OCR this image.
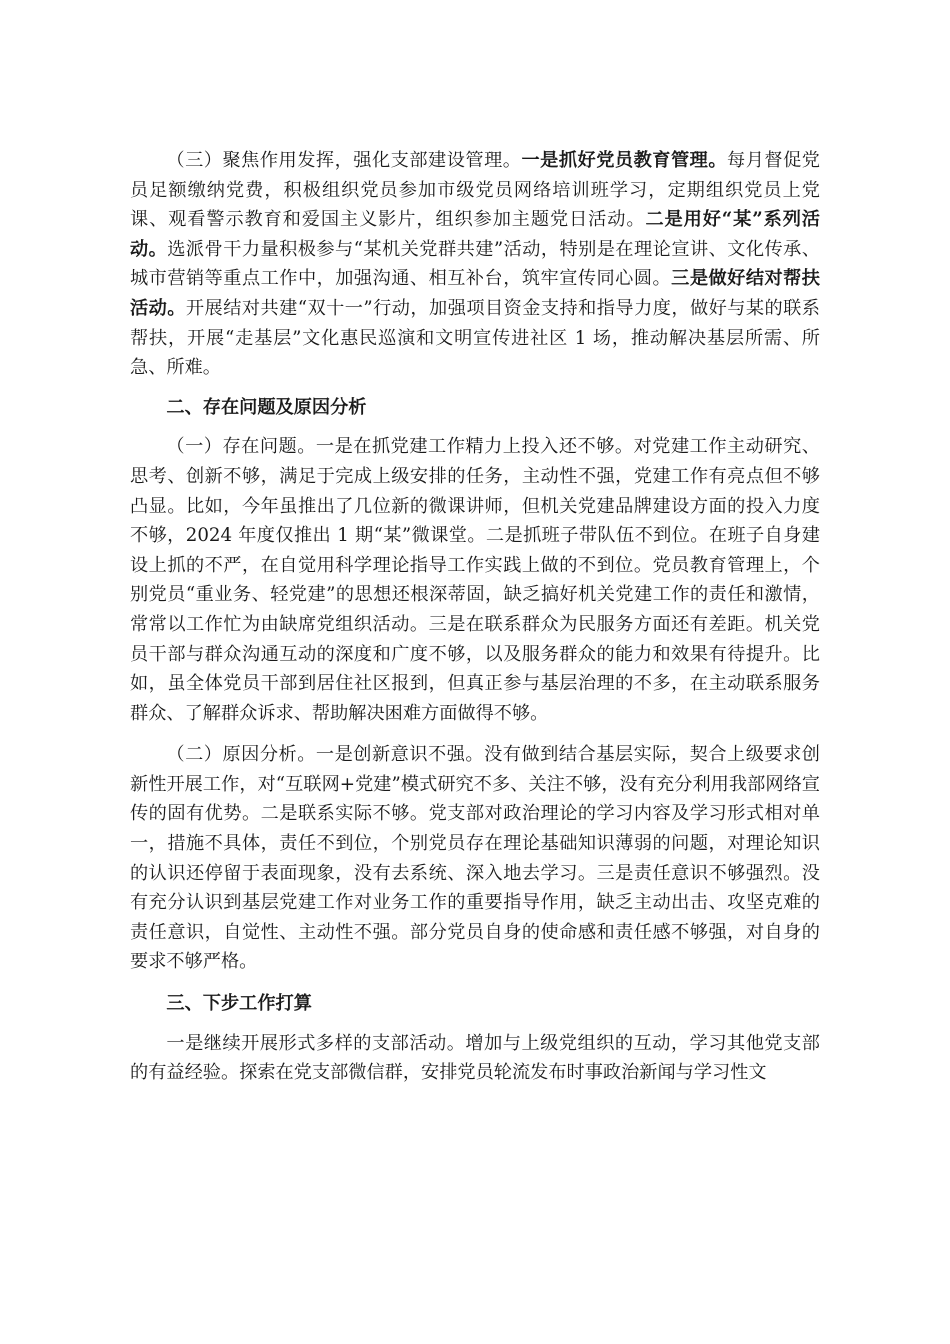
（三）聚焦作用发挥，强化支部建设管理。一是抓好党员教育管理。每月督促党员足额缴纳党费，积极组织党员参加市级党员网络培训班学习，定期组织党员上党课、观看警示教育和爱国主义影片，组织参加主题党日活动。二是用好“某”系列活动。选派骨干力量积极参与“某机关党群共建”活动，特别是在理论宣讲、文化传承、城市营销等重点工作中，加强沟通、相互补台，筑牢宣传同心圆。三是做好结对帮扶活动。开展结对共建“双十一”行动，加强项目资金支持和指导力度，做好与某的联系帮扶，开展“走基层”文化惠民巡演和文明宣传进社区 1 场，推动解决基层所需、所急、所难。

二、存在问题及原因分析

（一）存在问题。一是在抓党建工作精力上投入还不够。对党建工作主动研究、思考、创新不够，满足于完成上级安排的任务，主动性不强，党建工作有亮点但不够凸显。比如，今年虽推出了几位新的微课讲师，但机关党建品牌建设方面的投入力度不够，2024 年度仅推出 1 期“某”微课堂。二是抓班子带队伍不到位。在班子自身建设上抓的不严，在自觉用科学理论指导工作实践上做的不到位。党员教育管理上，个别党员“重业务、轻党建”的思想还根深蒂固，缺乏搞好机关党建工作的责任和激情，常常以工作忙为由缺席党组织活动。三是在联系群众为民服务方面还有差距。机关党员干部与群众沟通互动的深度和广度不够，以及服务群众的能力和效果有待提升。比如，虽全体党员干部到居住社区报到，但真正参与基层治理的不多，在主动联系服务群众、了解群众诉求、帮助解决困难方面做得不够。

（二）原因分析。一是创新意识不强。没有做到结合基层实际，契合上级要求创新性开展工作，对“互联网+党建”模式研究不多、关注不够，没有充分利用我部网络宣传的固有优势。二是联系实际不够。党支部对政治理论的学习内容及学习形式相对单一，措施不具体，责任不到位，个别党员存在理论基础知识薄弱的问题，对理论知识的认识还停留于表面现象，没有去系统、深入地去学习。三是责任意识不够强烈。没有充分认识到基层党建工作对业务工作的重要指导作用，缺乏主动出击、攻坚克难的责任意识，自觉性、主动性不强。部分党员自身的使命感和责任感不够强，对自身的要求不够严格。

三、下步工作打算

一是继续开展形式多样的支部活动。增加与上级党组织的互动，学习其他党支部的有益经验。探索在党支部微信群，安排党员轮流发布时事政治新闻与学习性文
